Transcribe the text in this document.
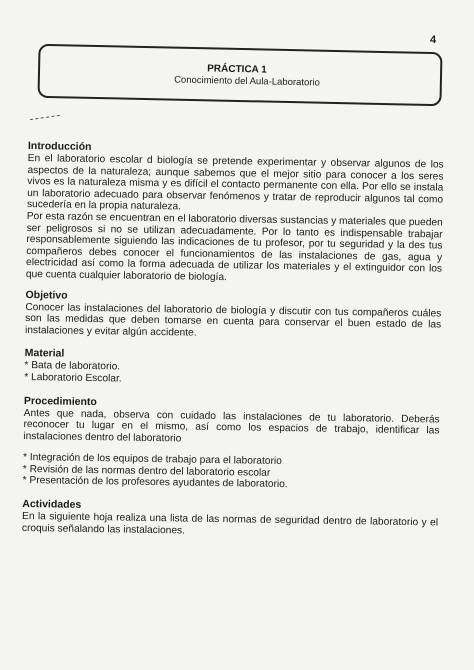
4
PRÁCTICA 1
Conocimiento del Aula-Laboratorio
Introducción

En el laboratorio escolar d biología se pretende experimentar y observar algunos de los aspectos de la naturaleza; aunque sabemos que el mejor sitio para conocer a los seres vivos es la naturaleza misma y es difícil el contacto permanente con ella. Por ello se instala un laboratorio adecuado para observar fenómenos y tratar de reproducir algunos tal como sucedería en la propia naturaleza.

Por esta razón se encuentran en el laboratorio diversas sustancias y materiales que pueden ser peligrosos si no se utilizan adecuadamente. Por lo tanto es indispensable trabajar responsablemente siguiendo las indicaciones de tu profesor, por tu seguridad y la des tus compañeros debes conocer el funcionamientos de las instalaciones de gas, agua y electricidad así como la forma adecuada de utilizar los materiales y el extinguidor con los que cuenta cualquier laboratorio de biología.

Objetivo

Conocer las instalaciones del laboratorio de biología y discutir con tus compañeros cuáles son las medidas que deben tomarse en cuenta para conservar el buen estado de las instalaciones y evitar algún accidente.

Material
* Bata de laboratorio.
* Laboratorio Escolar.
Procedimiento

Antes que nada, observa con cuidado las instalaciones de tu laboratorio. Deberás reconocer tu lugar en el mismo, así como los espacios de trabajo, identificar las instalaciones dentro del laboratorio

* Integración de los equipos de trabajo para el laboratorio
* Revisión de las normas dentro del laboratorio escolar
* Presentación de los profesores ayudantes de laboratorio.
Actividades

En la siguiente hoja realiza una lista de las normas de seguridad dentro de laboratorio y el croquis señalando las instalaciones.
